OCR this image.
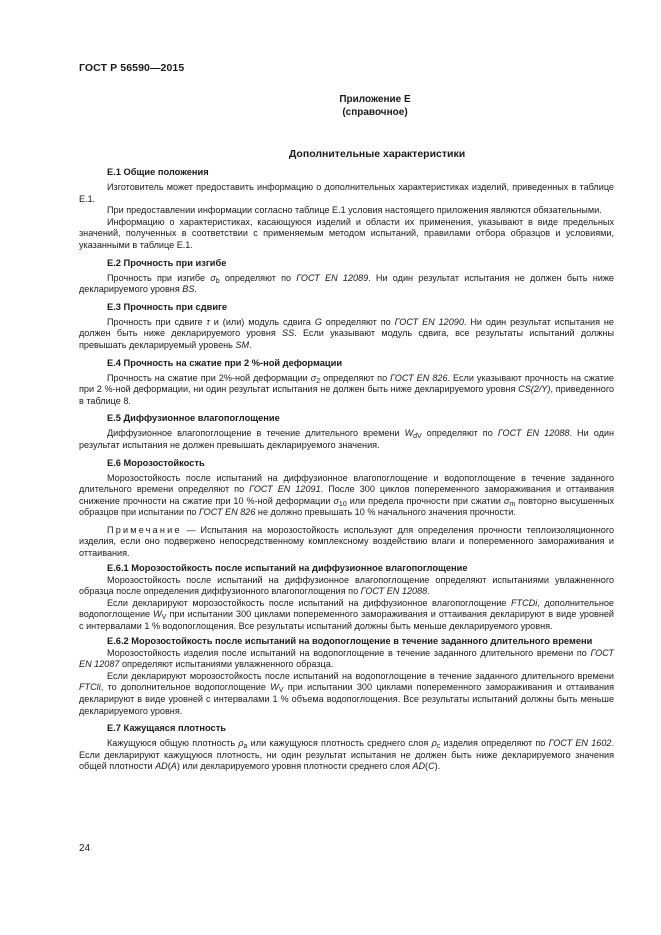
ГОСТ Р 56590—2015
Приложение Е
(справочное)
Дополнительные характеристики
Е.1 Общие положения

Изготовитель может предоставить информацию о дополнительных характеристиках изделий, приведенных в таблице Е.1.

При предоставлении информации согласно таблице Е.1 условия настоящего приложения являются обязательными.

Информацию о характеристиках, касающуюся изделий и области их применения, указывают в виде предельных значений, полученных в соответствии с применяемым методом испытаний, правилами отбора образцов и условиями, указанными в таблице Е.1.

Е.2 Прочность при изгибе

Прочность при изгибе $\sigma_b$ определяют по ГОСТ EN 12089. Ни один результат испытания не должен быть ниже декларируемого уровня BS.

Е.3 Прочность при сдвиге

Прочность при сдвиге τ и (или) модуль сдвига G определяют по ГОСТ EN 12090. Ни один результат испытания не должен быть ниже декларируемого уровня SS. Если указывают модуль сдвига, все результаты испытаний должны превышать декларируемый уровень SM.

Е.4 Прочность на сжатие при 2 %-ной деформации

Прочность на сжатие при 2%-ной деформации $\sigma_2$ определяют по ГОСТ EN 826. Если указывают прочность на сжатие при 2 %-ной деформации, ни один результат испытания не должен быть ниже декларируемого уровня CS(2/Y), приведенного в таблице 8.

Е.5 Диффузионное влагопоглощение

Диффузионное влагопоглощение в течение длительного времени $W_{dV}$ определяют по ГОСТ EN 12088. Ни один результат испытания не должен превышать декларируемого значения.

Е.6 Морозостойкость

Морозостойкость после испытаний на диффузионное влагопоглощение и водопоглощение в течение заданного длительного времени определяют по ГОСТ EN 12091. После 300 циклов попеременного замораживания и оттаивания снижение прочности на сжатие при 10 %-ной деформации $\sigma_{10}$ или предела прочности при сжатии $\sigma_m$ повторно высушенных образцов при испытании по ГОСТ EN 826 не должно превышать 10 % начального значения прочности.

Примечание — Испытания на морозостойкость используют для определения прочности теплоизоляционного изделия, если оно подвержено непосредственному комплексному воздействию влаги и попеременного замораживания и оттаивания.

Е.6.1 Морозостойкость после испытаний на диффузионное влагопоглощение

Морозостойкость после испытаний на диффузионное влагопоглощение определяют испытаниями увлажненного образца после определения диффузионного влагопоглощения по ГОСТ EN 12088.

Если декларируют морозостойкость после испытаний на диффузионное влагопоглощение FTCDi, дополнительное водопоглощение $W_V$ при испытании 300 циклами попеременного замораживания и оттаивания декларируют в виде уровней с интервалами 1 % водопоглощения. Все результаты испытаний должны быть меньше декларируемого уровня.

Е.6.2 Морозостойкость после испытаний на водопоглощение в течение заданного длительного времени

Морозостойкость изделия после испытаний на водопоглощение в течение заданного длительного времени по ГОСТ EN 12087 определяют испытаниями увлажненного образца.

Если декларируют морозостойкость после испытаний на водопоглощение в течение заданного длительного времени FTCli, то дополнительное водопоглощение $W_V$ при испытании 300 циклами попеременного замораживания и оттаивания декларируют в виде уровней с интервалами 1 % объема водопоглощения. Все результаты испытаний должны быть меньше декларируемого уровня.

Е.7 Кажущаяся плотность

Кажущуюся общую плотность $\rho_a$ или кажущуюся плотность среднего слоя $\rho_c$ изделия определяют по ГОСТ EN 1602. Если декларируют кажущуюся плотность, ни один результат испытания не должен быть ниже декларируемого значения общей плотности AD(A) или декларируемого уровня плотности среднего слоя AD(C).

24
